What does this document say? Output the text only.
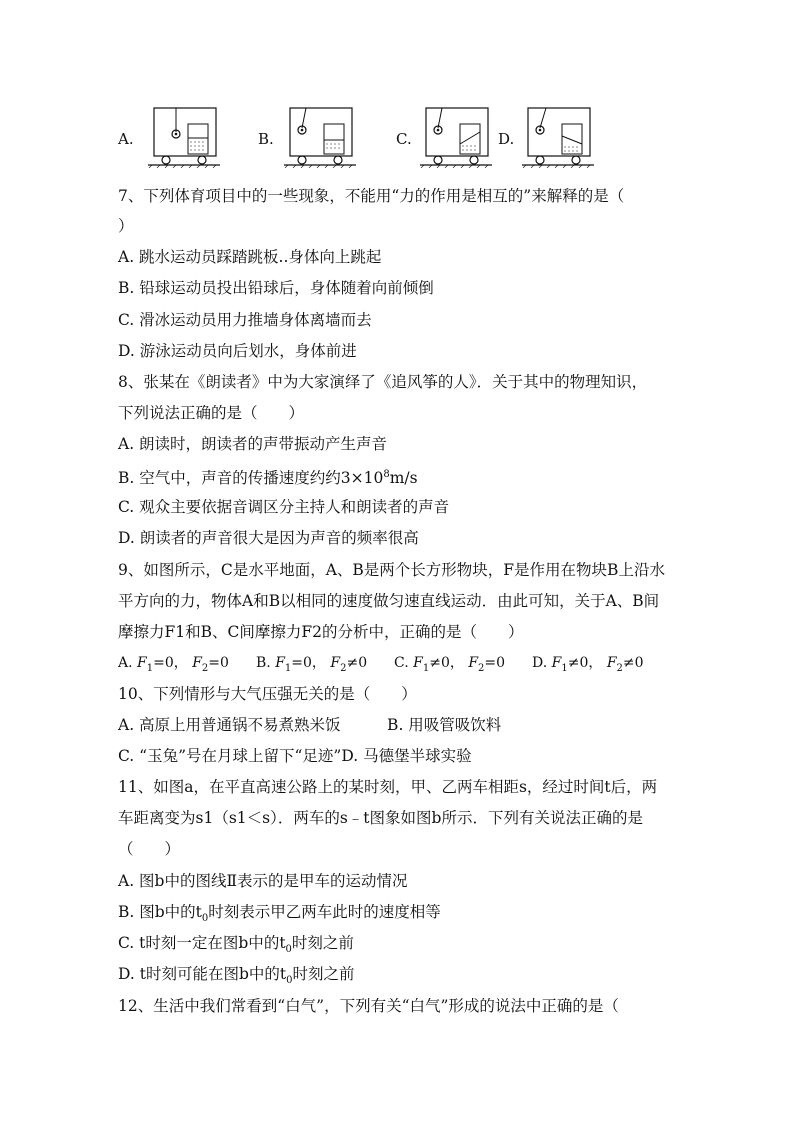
A.	B.	C.	D.
7、下列体育项目中的一些现象，不能用“力的作用是相互的”来解释的是（
）
A. 跳水运动员踩踏跳板..身体向上跳起
B. 铅球运动员投出铅球后，身体随着向前倾倒
C. 滑冰运动员用力推墙身体离墙而去
D. 游泳运动员向后划水，身体前进
8、张某在《朗读者》中为大家演绎了《追风筝的人》．关于其中的物理知识，
下列说法正确的是（　　）
A. 朗读时，朗读者的声带振动产生声音
B. 空气中，声音的传播速度约约$3\times 10^8m/s$
C. 观众主要依据音调区分主持人和朗读者的声音
D. 朗读者的声音很大是因为声音的频率很高
9、如图所示，C是水平地面，A、B是两个长方形物块，F是作用在物块B上沿水
平方向的力，物体A和B以相同的速度做匀速直线运动．由此可知，关于A、B间
摩擦力F1和B、C间摩擦力F2的分析中，正确的是（　　）
A. $F_1=0$， $F_2=0$ B. $F_1=0$， $F_2\ne 0$ C. $F_1\ne 0$， $F_2=0$ D. $F_1\ne 0$， $F_2\ne 0$
10、下列情形与大气压强无关的是（　　）
A. 高原上用普通锅不易煮熟米饭　　　B. 用吸管吸饮料
C. “玉兔”号在月球上留下“足迹”D. 马德堡半球实验
11、如图a，在平直高速公路上的某时刻，甲、乙两车相距s，经过时间t后，两
车距离变为s1（s1＜s）．两车的s﹣t图象如图b所示．下列有关说法正确的是
（　　）
A. 图b中的图线Ⅱ表示的是甲车的运动情况
B. 图b中的$t_0$时刻表示甲乙两车此时的速度相等
C. t时刻一定在图b中的$t_0$时刻之前
D. t时刻可能在图b中的$t_0$时刻之前
12、生活中我们常看到“白气”，下列有关“白气”形成的说法中正确的是（
